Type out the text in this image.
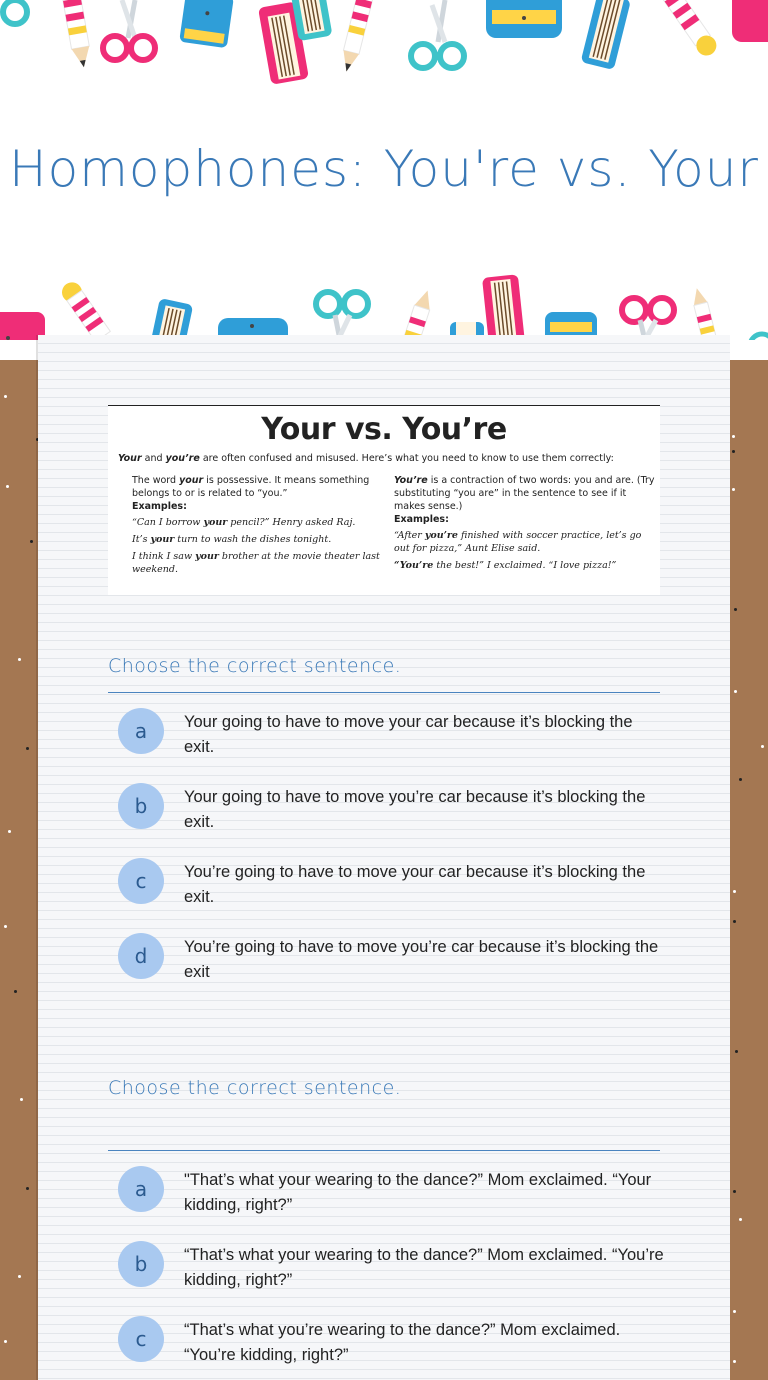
Homophones: You're vs. Your
Your vs. You’re
Your and you’re are often confused and misused. Here’s what you need to know to use them correctly:
The word your is possessive. It means something belongs to or is related to “you.”
Examples:
“Can I borrow your pencil?” Henry asked Raj.
It’s your turn to wash the dishes tonight.
I think I saw your brother at the movie theater last weekend.
You’re is a contraction of two words: you and are. (Try substituting “you are” in the sentence to see if it makes sense.)
Examples:
“After you’re finished with soccer practice, let’s go out for pizza,” Aunt Elise said.
“You’re the best!” I exclaimed. “I love pizza!”
Choose the correct sentence.
a	Your going to have to move your car because it’s blocking the exit.
b	Your going to have to move you’re car because it’s blocking the exit.
c	You’re going to have to move your car because it’s blocking the exit.
d	You’re going to have to move you’re car because it’s blocking the exit
Choose the correct sentence.
a	"That’s what your wearing to the dance?” Mom exclaimed. “Your kidding, right?”
b	“That’s what your wearing to the dance?” Mom exclaimed. “You’re kidding, right?”
c	“That’s what you’re wearing to the dance?” Mom exclaimed. “You’re kidding, right?”
